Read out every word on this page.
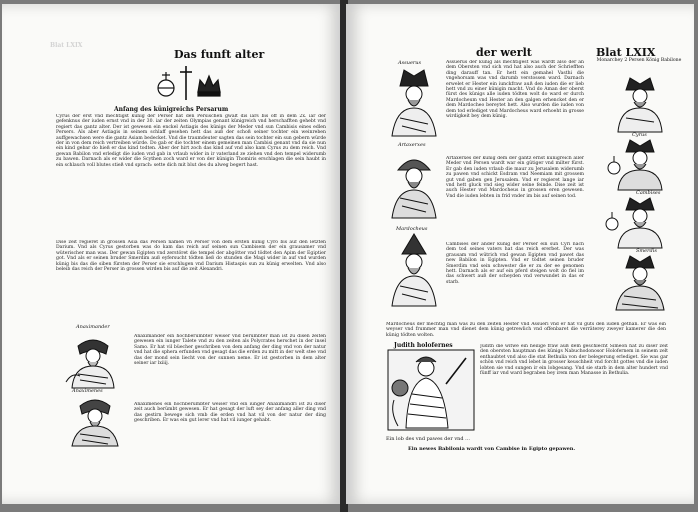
Blat LXIX
Das funft alter
Anfang des künigreichs Persarum
Cyrus der erst vnd mechtigst künig der Perser hat den Persischen gwalt dis iars bis off in dem 2x. iar der gefenknus der iuden ernst vnd in der 30. iar der zeiten Olympias genant künigreich vnd herschafften gehebt vnd regiert das gantz alter. Der ist gewesen ein enckel Astiagis des künigs der Meder vnd sun Cambisis eines edlen Persers. Als aber Astiagis in seinem schlaff gesehen hett das auß der schoß seiner tochter ein weinreben auffgewachsen were die gantz Asiam bedecket. Vnd die traumdeuter sagten das sein tochter ein sun gebern würde der in von dem reich vertreiben würde. Do gab er die tochter einem gemeinen man Cambisi genant vnd da sie nun ein kind gebar do hieß er das kind todten. Aber der hirt zoch das kind auf vnd also kam Cyrus zu dem reich. Vnd gewan Babilon vnd erledigt die iuden vnd gab in vrlaub wider in ir vaterland ze ziehen vnd den tempel widerumb zu bawen. Darnach als er wider die Scythen zoch ward er von der künigin Thomiris erschlagen die sein haubt in ein schlauch voll blutes stieß vnd sprach: sette dich mit blut des du alweg begert hast.
Dise zeit regieret in grossen Asia das Persen namen vn Perser von dem ersten künig Cyro bis auf den letzten Darium. Vnd als Cyrus gestorben was do kam das reich auf seinen sun Cambisem der ein grausamer vnd wüterischer man was. Der gewan Egipten vnd zerstöret die tempel der abgötter vnd tödtet den Apim der Egiptier got. Vnd als er seinen bruder Smerdim auß eyfersucht tödten ließ do stunden die Magi wider in auf vnd wurden künig bis das die siben fürsten der Perser sie erschlugen vnd Darium Histaspis sun zu künig erwelten. Vnd also beleib das reich der Perser in grossen wirden bis auf die zeit Alexandri.
Anaximander
Anaximander ein hochberümbter weiser vnd berümbter man ist zu disen zeiten gewesen ein iunger Talete vnd zu den zeiten als Polycrates herschet in der insel Samo. Er hat vil büecher geschriben von dem anfang der ding vnd von der natur vnd hat die sphera erfunden vnd gesagt das die erden zu mitt in der welt stee vnd das der mond sein liecht von der sunnen neme. Er ist gestorben in dem alter seiner iar lxiiij.
Anaximenes
Anaximenes ein hochberümbter weiser vnd ein iunger Anaximandri ist zu diser zeit auch berümbt gewesen. Er hat gesagt der luft sey der anfang aller ding vnd das gestirn bewege sich vmb die erden vnd hat vil von der natur der ding geschriben. Er was ein gut lerer vnd hat vil iunger gehabt.
der werlt	Blat LXIX
Assuerus
Artaxerxes
Mardocheus
Assuerus der künig als mechtigest was wardt also der an dem Obersten vnd sich vnd hat also auch der Schriefften ding darauff tan. Er hett ein gemahel Vasthi die vngehorsam was vnd darumb verstossen ward. Darnach erwelet er Hester ein iunckfraw auß den iuden die er lieb hett vnd zu einer künigin macht. Vnd do Aman der oberst fürst des künigs alle iuden tödten wolt do ward er durch Mardocheum vnd Hester an den galgen erhencket den er dem Mardocheo bereytet hett. Also wurden die iuden von dem tod erlediget vnd Mardocheus ward erhoeht in grosse wirdigkeit bey dem künig.
Artaxerxes der künig dem der gantz ernst künigreich aller Meder vnd Persen wardt war ein gütiger vnd milter fürst. Er gab den iuden vrlaub die maur zu Jerusalem widerumb zu pawen vnd schickt Esdram vnd Neemiam mit grossem gut vnd gaben gen Jerusalem. Vnd er regieret lange iar vnd hett gluck vnd sieg wider seine feinde. Dise zeit ist auch Hester vnd Mardocheus in grossen eren gewesen. Vnd die iuden lebten in frid vnder im bis auf seinen tod.
Cambises der ander künig der Perser ein sun Cyri nach dem tod seines vaters hat das reich ererbet. Der was grausam vnd wütrich vnd gewan Egipten vnd pawet das new Babilon in Egipten. Vnd er tödtet seinen bruder Smerdim vnd sein schwester die er zu der ee genomen hett. Darnach als er auf ein pferd steigen wolt do fiel im das schwert auß der scheyden vnd verwundet in das er starb.
Mardocheus der mechtig man was zu den zeiten Hester vnd Assueri vnd er hat vil guts den iuden gethan. Er was ein weyser vnd frummer man vnd dienet dem künig getrewlich vnd offenbaret die verräterey zweyer kamerer die den künig tödten wolten.
Judith holofernes	Judith die witwe ein heilige fraw auß dem geschlecht Simeon hat zu diser zeit den obersten hauptman des künigs Nabuchodonosor Holofernem in seinem zelt enthaubtet vnd also die stat Bethulia von der belegerung erlediget. Sie was gar schön vnd reich vnd lebet in grosser keuschheit vnd forcht gottes vnd die iuden lobten sie vnd sungen ir ein lobgesang. Vnd sie starb in dem alter hundert vnd fünff iar vnd ward begraben bey irem man Manasse in Bethulia.
Ein lob des vnd pawes der vnd ...
Ein newes Babilonia wardt von Cambise in Egipto gepawen.
Monarchey 2 Persen König Babilone
Cyrus
Cambises
Smerdis
